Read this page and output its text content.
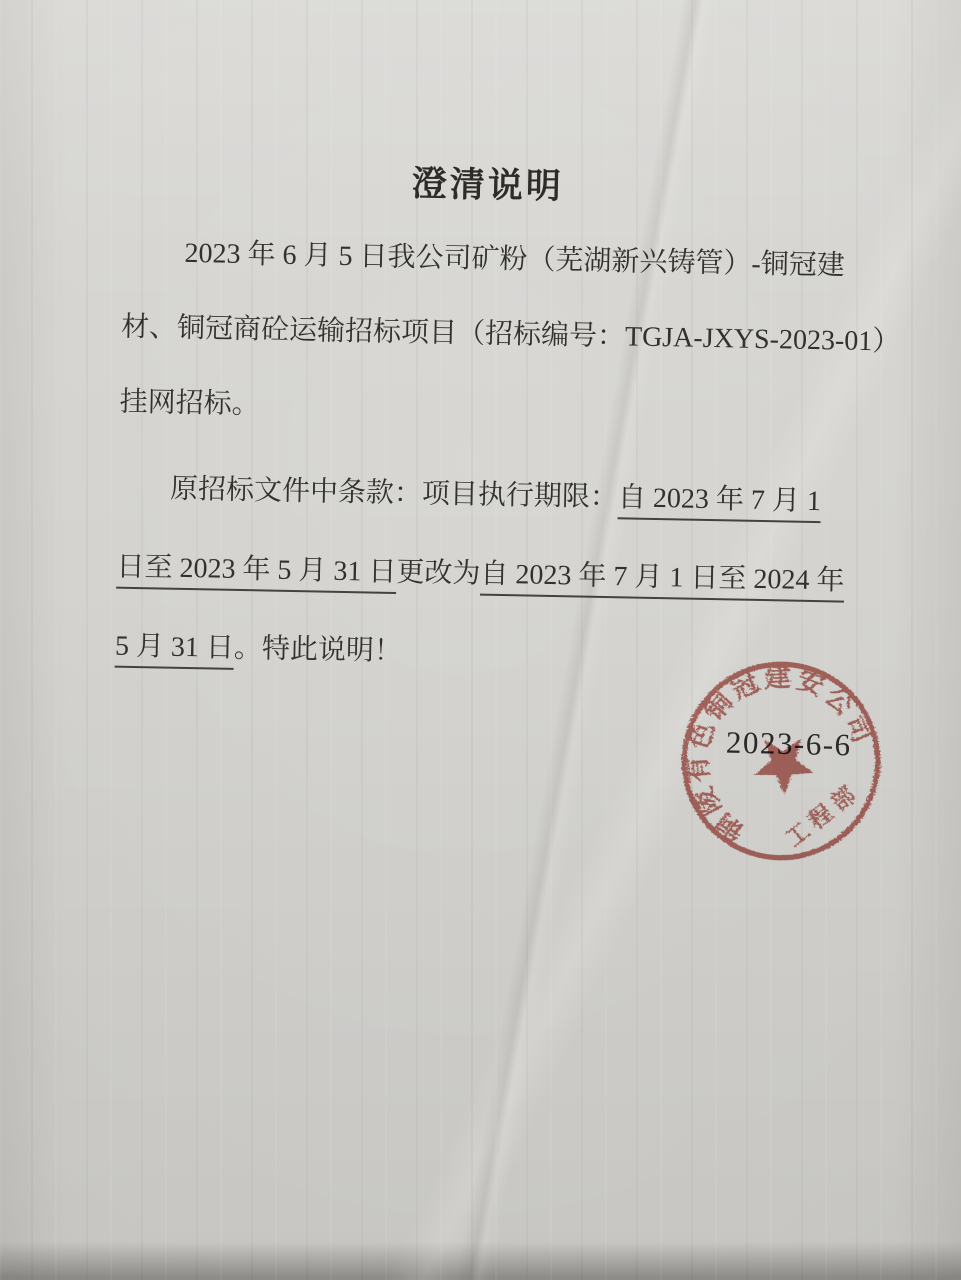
澄清说明
2023 年 6 月 5 日我公司矿粉（芜湖新兴铸管）-铜冠建
材、铜冠商砼运输招标项目（招标编号：TGJA-JXYS-2023-01）
挂网招标。
原招标文件中条款：项目执行期限：自 2023 年 7 月 1
日至 2023 年 5 月 31 日更改为自 2023 年 7 月 1 日至 2024 年
5 月 31 日。特此说明！
铜陵有色铜冠建安公司
工程部
2023-6-6
